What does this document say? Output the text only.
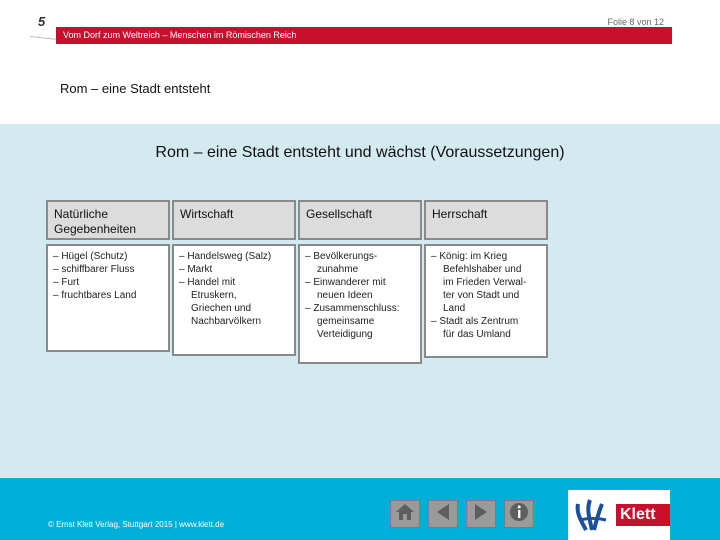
5	Folie 8 von 12
Vom Dorf zum Weltreich – Menschen im Römischen Reich
Rom – eine Stadt entsteht
Rom – eine Stadt entsteht und wächst (Voraussetzungen)
Natürliche
Gegebenheiten
– Hügel (Schutz)
– schiffbarer Fluss
– Furt
– fruchtbares Land
Wirtschaft
– Handelsweg (Salz)
– Markt
– Handel mit
Etruskern,
Griechen und
Nachbarvölkern
Gesellschaft
– Bevölkerungs-
zunahme
– Einwanderer mit
neuen Ideen
– Zusammenschluss:
gemeinsame
Verteidigung
Herrschaft
– König: im Krieg
Befehlshaber und
im Frieden Verwal-
ter von Stadt und
Land
– Stadt als Zentrum
für das Umland
© Ernst Klett Verlag, Stuttgart 2015 | www.klett.de
Klett
